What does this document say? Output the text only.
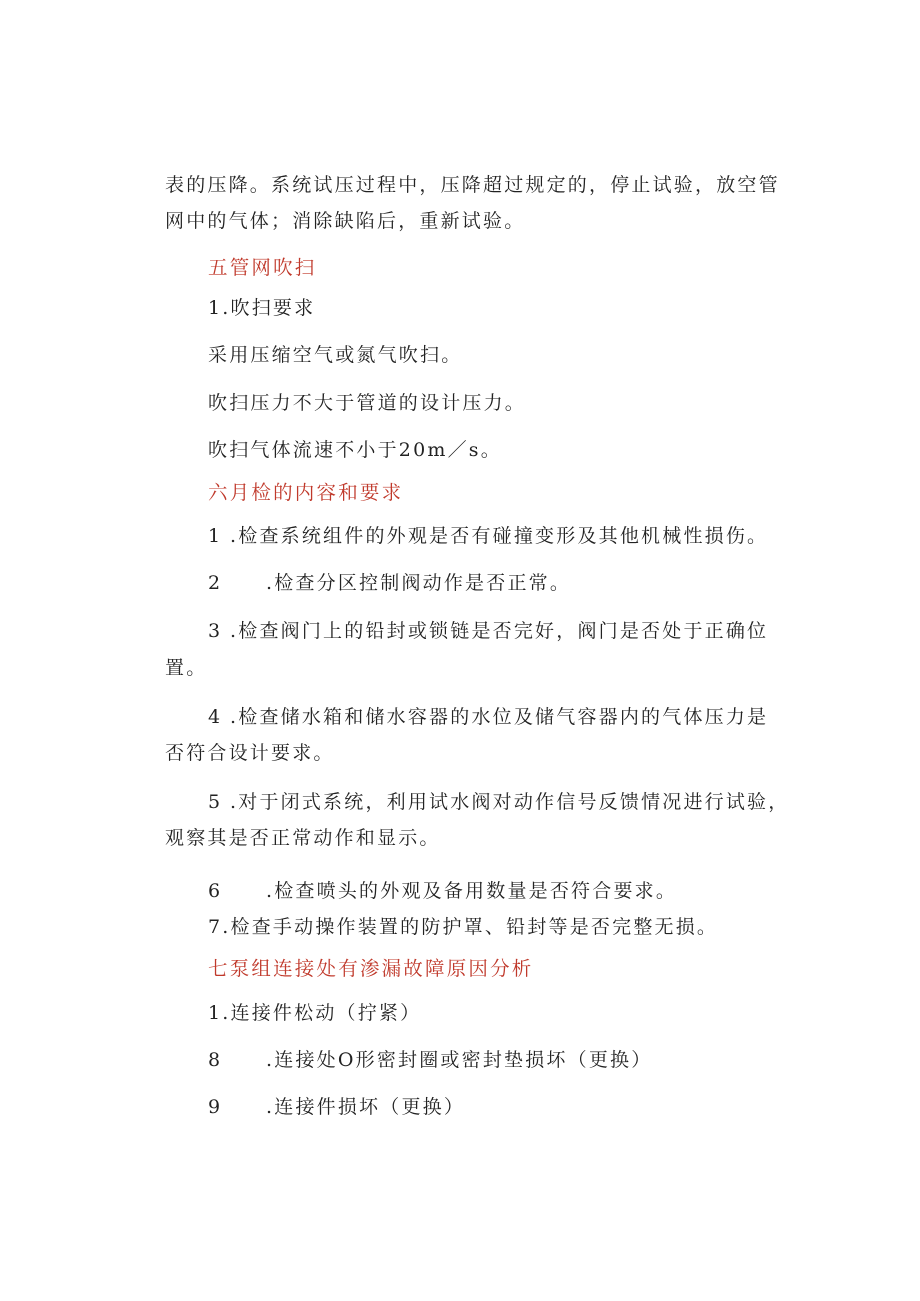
表的压降。系统试压过程中，压降超过规定的，停止试验，放空管
网中的气体；消除缺陷后，重新试验。
五管网吹扫
1.吹扫要求
采用压缩空气或氮气吹扫。
吹扫压力不大于管道的设计压力。
吹扫气体流速不小于20m／s。
六月检的内容和要求
1 .检查系统组件的外观是否有碰撞变形及其他机械性损伤。
2 .检查分区控制阀动作是否正常。
3 .检查阀门上的铅封或锁链是否完好，阀门是否处于正确位
置。
4 .检查储水箱和储水容器的水位及储气容器内的气体压力是
否符合设计要求。
5 .对于闭式系统，利用试水阀对动作信号反馈情况进行试验，
观察其是否正常动作和显示。
6 .检查喷头的外观及备用数量是否符合要求。
7.检查手动操作装置的防护罩、铅封等是否完整无损。
七泵组连接处有渗漏故障原因分析
1.连接件松动（拧紧）
8 .连接处O形密封圈或密封垫损坏（更换）
9 .连接件损坏（更换）
